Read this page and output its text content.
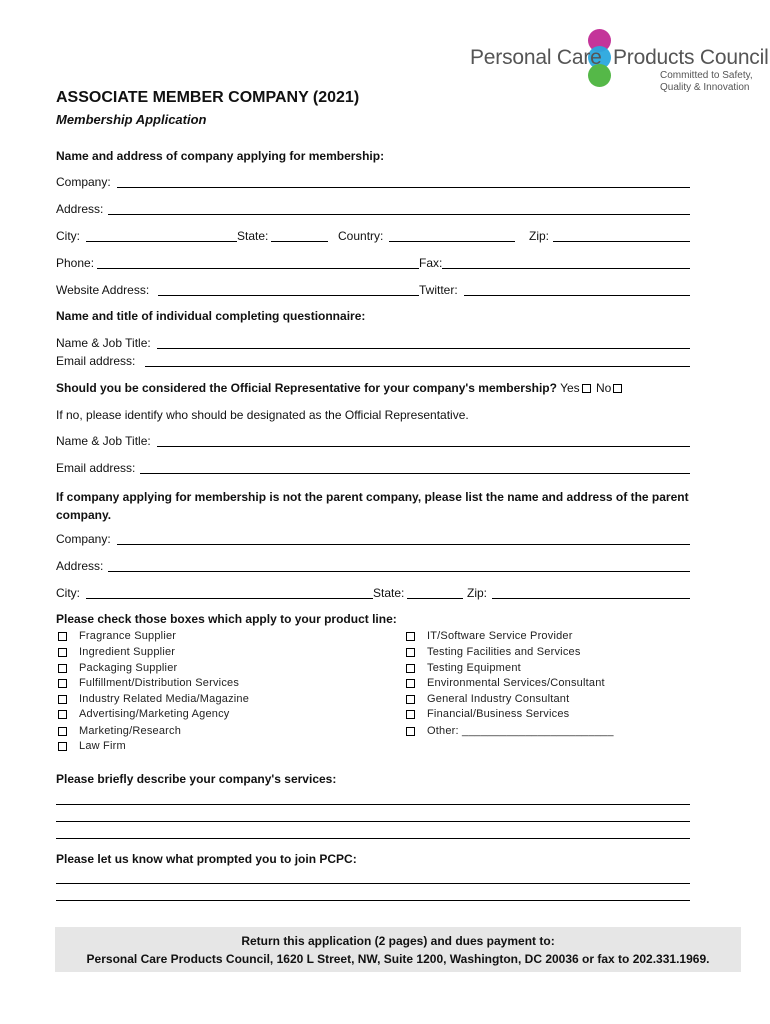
Personal Care Products Council
Committed to Safety,
Quality & Innovation
ASSOCIATE MEMBER COMPANY (2021)
Membership Application
Name and address of company applying for membership:
Company:
Address:
City:	State:	Country:	Zip:
Phone:	Fax:
Website Address:	Twitter:
Name and title of individual completing questionnaire:
Name & Job Title:
Email address:
Should you be considered the Official Representative for your company's membership? Yes No
If no, please identify who should be designated as the Official Representative.
Name & Job Title:
Email address:
If company applying for membership is not the parent company, please list the name and address of the parent company.
Company:
Address:
City:	State:	Zip:
Please check those boxes which apply to your product line:
Fragrance Supplier
Ingredient Supplier
Packaging Supplier
Fulfillment/Distribution Services
Industry Related Media/Magazine
Advertising/Marketing Agency
Marketing/Research
Law Firm
IT/Software Service Provider
Testing Facilities and Services
Testing Equipment
Environmental Services/Consultant
General Industry Consultant
Financial/Business Services
Other: ________________________
Please briefly describe your company's services:
Please let us know what prompted you to join PCPC:
Return this application (2 pages) and dues payment to:
Personal Care Products Council, 1620 L Street, NW, Suite 1200, Washington, DC 20036 or fax to 202.331.1969.
